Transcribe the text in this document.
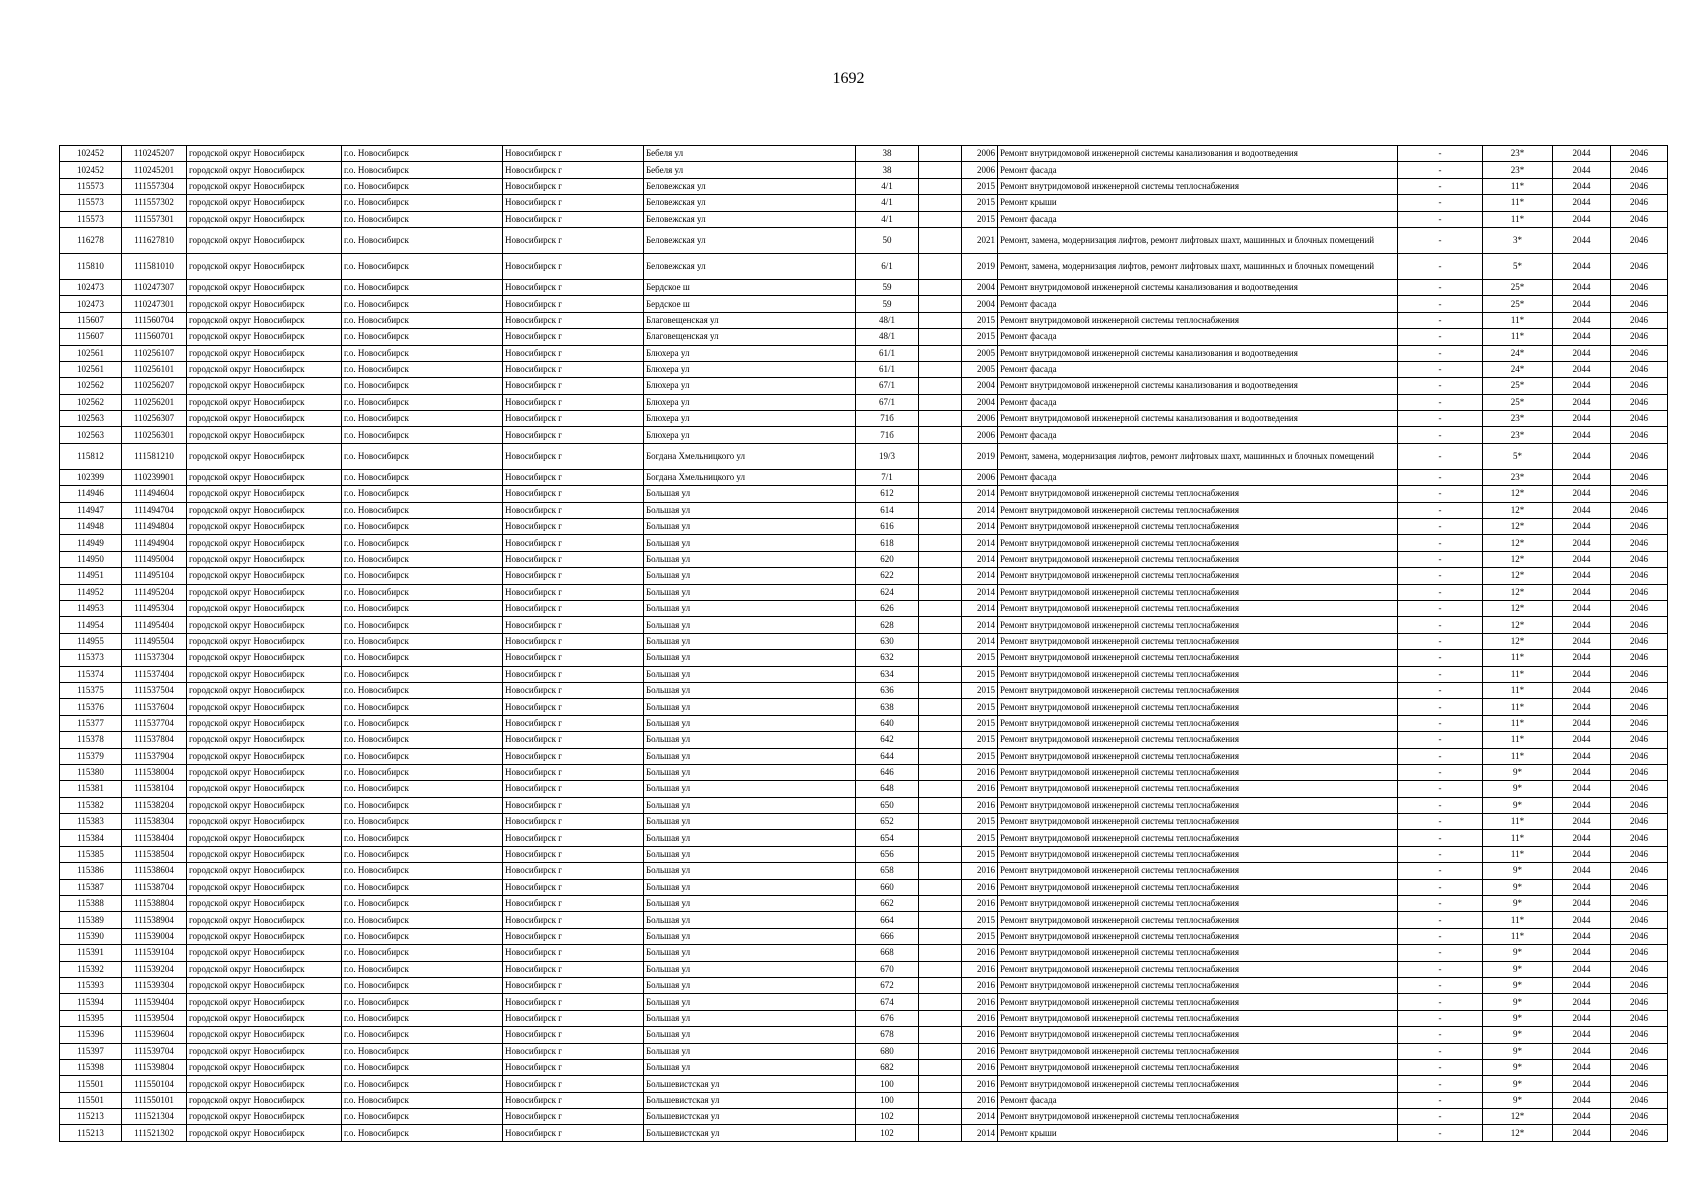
1692
102452	110245207	городской округ Новосибирск	г.о. Новосибирск	Новосибирск г	Бебеля ул	38		2006	Ремонт внутридомовой инженерной системы канализования и водоотведения	-	23*	2044	2046
102452	110245201	городской округ Новосибирск	г.о. Новосибирск	Новосибирск г	Бебеля ул	38		2006	Ремонт фасада	-	23*	2044	2046
115573	111557304	городской округ Новосибирск	г.о. Новосибирск	Новосибирск г	Беловежская ул	4/1		2015	Ремонт внутридомовой инженерной системы теплоснабжения	-	11*	2044	2046
115573	111557302	городской округ Новосибирск	г.о. Новосибирск	Новосибирск г	Беловежская ул	4/1		2015	Ремонт крыши	-	11*	2044	2046
115573	111557301	городской округ Новосибирск	г.о. Новосибирск	Новосибирск г	Беловежская ул	4/1		2015	Ремонт фасада	-	11*	2044	2046
116278	111627810	городской округ Новосибирск	г.о. Новосибирск	Новосибирск г	Беловежская ул	50		2021	Ремонт, замена, модернизация лифтов, ремонт лифтовых шахт, машинных и блочных помещений	-	3*	2044	2046
115810	111581010	городской округ Новосибирск	г.о. Новосибирск	Новосибирск г	Беловежская ул	6/1		2019	Ремонт, замена, модернизация лифтов, ремонт лифтовых шахт, машинных и блочных помещений	-	5*	2044	2046
102473	110247307	городской округ Новосибирск	г.о. Новосибирск	Новосибирск г	Бердское ш	59		2004	Ремонт внутридомовой инженерной системы канализования и водоотведения	-	25*	2044	2046
102473	110247301	городской округ Новосибирск	г.о. Новосибирск	Новосибирск г	Бердское ш	59		2004	Ремонт фасада	-	25*	2044	2046
115607	111560704	городской округ Новосибирск	г.о. Новосибирск	Новосибирск г	Благовещенская ул	48/1		2015	Ремонт внутридомовой инженерной системы теплоснабжения	-	11*	2044	2046
115607	111560701	городской округ Новосибирск	г.о. Новосибирск	Новосибирск г	Благовещенская ул	48/1		2015	Ремонт фасада	-	11*	2044	2046
102561	110256107	городской округ Новосибирск	г.о. Новосибирск	Новосибирск г	Блюхера ул	61/1		2005	Ремонт внутридомовой инженерной системы канализования и водоотведения	-	24*	2044	2046
102561	110256101	городской округ Новосибирск	г.о. Новосибирск	Новосибирск г	Блюхера ул	61/1		2005	Ремонт фасада	-	24*	2044	2046
102562	110256207	городской округ Новосибирск	г.о. Новосибирск	Новосибирск г	Блюхера ул	67/1		2004	Ремонт внутридомовой инженерной системы канализования и водоотведения	-	25*	2044	2046
102562	110256201	городской округ Новосибирск	г.о. Новосибирск	Новосибирск г	Блюхера ул	67/1		2004	Ремонт фасада	-	25*	2044	2046
102563	110256307	городской округ Новосибирск	г.о. Новосибирск	Новосибирск г	Блюхера ул	71б		2006	Ремонт внутридомовой инженерной системы канализования и водоотведения	-	23*	2044	2046
102563	110256301	городской округ Новосибирск	г.о. Новосибирск	Новосибирск г	Блюхера ул	71б		2006	Ремонт фасада	-	23*	2044	2046
115812	111581210	городской округ Новосибирск	г.о. Новосибирск	Новосибирск г	Богдана Хмельницкого ул	19/3		2019	Ремонт, замена, модернизация лифтов, ремонт лифтовых шахт, машинных и блочных помещений	-	5*	2044	2046
102399	110239901	городской округ Новосибирск	г.о. Новосибирск	Новосибирск г	Богдана Хмельницкого ул	7/1		2006	Ремонт фасада	-	23*	2044	2046
114946	111494604	городской округ Новосибирск	г.о. Новосибирск	Новосибирск г	Большая ул	612		2014	Ремонт внутридомовой инженерной системы теплоснабжения	-	12*	2044	2046
114947	111494704	городской округ Новосибирск	г.о. Новосибирск	Новосибирск г	Большая ул	614		2014	Ремонт внутридомовой инженерной системы теплоснабжения	-	12*	2044	2046
114948	111494804	городской округ Новосибирск	г.о. Новосибирск	Новосибирск г	Большая ул	616		2014	Ремонт внутридомовой инженерной системы теплоснабжения	-	12*	2044	2046
114949	111494904	городской округ Новосибирск	г.о. Новосибирск	Новосибирск г	Большая ул	618		2014	Ремонт внутридомовой инженерной системы теплоснабжения	-	12*	2044	2046
114950	111495004	городской округ Новосибирск	г.о. Новосибирск	Новосибирск г	Большая ул	620		2014	Ремонт внутридомовой инженерной системы теплоснабжения	-	12*	2044	2046
114951	111495104	городской округ Новосибирск	г.о. Новосибирск	Новосибирск г	Большая ул	622		2014	Ремонт внутридомовой инженерной системы теплоснабжения	-	12*	2044	2046
114952	111495204	городской округ Новосибирск	г.о. Новосибирск	Новосибирск г	Большая ул	624		2014	Ремонт внутридомовой инженерной системы теплоснабжения	-	12*	2044	2046
114953	111495304	городской округ Новосибирск	г.о. Новосибирск	Новосибирск г	Большая ул	626		2014	Ремонт внутридомовой инженерной системы теплоснабжения	-	12*	2044	2046
114954	111495404	городской округ Новосибирск	г.о. Новосибирск	Новосибирск г	Большая ул	628		2014	Ремонт внутридомовой инженерной системы теплоснабжения	-	12*	2044	2046
114955	111495504	городской округ Новосибирск	г.о. Новосибирск	Новосибирск г	Большая ул	630		2014	Ремонт внутридомовой инженерной системы теплоснабжения	-	12*	2044	2046
115373	111537304	городской округ Новосибирск	г.о. Новосибирск	Новосибирск г	Большая ул	632		2015	Ремонт внутридомовой инженерной системы теплоснабжения	-	11*	2044	2046
115374	111537404	городской округ Новосибирск	г.о. Новосибирск	Новосибирск г	Большая ул	634		2015	Ремонт внутридомовой инженерной системы теплоснабжения	-	11*	2044	2046
115375	111537504	городской округ Новосибирск	г.о. Новосибирск	Новосибирск г	Большая ул	636		2015	Ремонт внутридомовой инженерной системы теплоснабжения	-	11*	2044	2046
115376	111537604	городской округ Новосибирск	г.о. Новосибирск	Новосибирск г	Большая ул	638		2015	Ремонт внутридомовой инженерной системы теплоснабжения	-	11*	2044	2046
115377	111537704	городской округ Новосибирск	г.о. Новосибирск	Новосибирск г	Большая ул	640		2015	Ремонт внутридомовой инженерной системы теплоснабжения	-	11*	2044	2046
115378	111537804	городской округ Новосибирск	г.о. Новосибирск	Новосибирск г	Большая ул	642		2015	Ремонт внутридомовой инженерной системы теплоснабжения	-	11*	2044	2046
115379	111537904	городской округ Новосибирск	г.о. Новосибирск	Новосибирск г	Большая ул	644		2015	Ремонт внутридомовой инженерной системы теплоснабжения	-	11*	2044	2046
115380	111538004	городской округ Новосибирск	г.о. Новосибирск	Новосибирск г	Большая ул	646		2016	Ремонт внутридомовой инженерной системы теплоснабжения	-	9*	2044	2046
115381	111538104	городской округ Новосибирск	г.о. Новосибирск	Новосибирск г	Большая ул	648		2016	Ремонт внутридомовой инженерной системы теплоснабжения	-	9*	2044	2046
115382	111538204	городской округ Новосибирск	г.о. Новосибирск	Новосибирск г	Большая ул	650		2016	Ремонт внутридомовой инженерной системы теплоснабжения	-	9*	2044	2046
115383	111538304	городской округ Новосибирск	г.о. Новосибирск	Новосибирск г	Большая ул	652		2015	Ремонт внутридомовой инженерной системы теплоснабжения	-	11*	2044	2046
115384	111538404	городской округ Новосибирск	г.о. Новосибирск	Новосибирск г	Большая ул	654		2015	Ремонт внутридомовой инженерной системы теплоснабжения	-	11*	2044	2046
115385	111538504	городской округ Новосибирск	г.о. Новосибирск	Новосибирск г	Большая ул	656		2015	Ремонт внутридомовой инженерной системы теплоснабжения	-	11*	2044	2046
115386	111538604	городской округ Новосибирск	г.о. Новосибирск	Новосибирск г	Большая ул	658		2016	Ремонт внутридомовой инженерной системы теплоснабжения	-	9*	2044	2046
115387	111538704	городской округ Новосибирск	г.о. Новосибирск	Новосибирск г	Большая ул	660		2016	Ремонт внутридомовой инженерной системы теплоснабжения	-	9*	2044	2046
115388	111538804	городской округ Новосибирск	г.о. Новосибирск	Новосибирск г	Большая ул	662		2016	Ремонт внутридомовой инженерной системы теплоснабжения	-	9*	2044	2046
115389	111538904	городской округ Новосибирск	г.о. Новосибирск	Новосибирск г	Большая ул	664		2015	Ремонт внутридомовой инженерной системы теплоснабжения	-	11*	2044	2046
115390	111539004	городской округ Новосибирск	г.о. Новосибирск	Новосибирск г	Большая ул	666		2015	Ремонт внутридомовой инженерной системы теплоснабжения	-	11*	2044	2046
115391	111539104	городской округ Новосибирск	г.о. Новосибирск	Новосибирск г	Большая ул	668		2016	Ремонт внутридомовой инженерной системы теплоснабжения	-	9*	2044	2046
115392	111539204	городской округ Новосибирск	г.о. Новосибирск	Новосибирск г	Большая ул	670		2016	Ремонт внутридомовой инженерной системы теплоснабжения	-	9*	2044	2046
115393	111539304	городской округ Новосибирск	г.о. Новосибирск	Новосибирск г	Большая ул	672		2016	Ремонт внутридомовой инженерной системы теплоснабжения	-	9*	2044	2046
115394	111539404	городской округ Новосибирск	г.о. Новосибирск	Новосибирск г	Большая ул	674		2016	Ремонт внутридомовой инженерной системы теплоснабжения	-	9*	2044	2046
115395	111539504	городской округ Новосибирск	г.о. Новосибирск	Новосибирск г	Большая ул	676		2016	Ремонт внутридомовой инженерной системы теплоснабжения	-	9*	2044	2046
115396	111539604	городской округ Новосибирск	г.о. Новосибирск	Новосибирск г	Большая ул	678		2016	Ремонт внутридомовой инженерной системы теплоснабжения	-	9*	2044	2046
115397	111539704	городской округ Новосибирск	г.о. Новосибирск	Новосибирск г	Большая ул	680		2016	Ремонт внутридомовой инженерной системы теплоснабжения	-	9*	2044	2046
115398	111539804	городской округ Новосибирск	г.о. Новосибирск	Новосибирск г	Большая ул	682		2016	Ремонт внутридомовой инженерной системы теплоснабжения	-	9*	2044	2046
115501	111550104	городской округ Новосибирск	г.о. Новосибирск	Новосибирск г	Большевистская ул	100		2016	Ремонт внутридомовой инженерной системы теплоснабжения	-	9*	2044	2046
115501	111550101	городской округ Новосибирск	г.о. Новосибирск	Новосибирск г	Большевистская ул	100		2016	Ремонт фасада	-	9*	2044	2046
115213	111521304	городской округ Новосибирск	г.о. Новосибирск	Новосибирск г	Большевистская ул	102		2014	Ремонт внутридомовой инженерной системы теплоснабжения	-	12*	2044	2046
115213	111521302	городской округ Новосибирск	г.о. Новосибирск	Новосибирск г	Большевистская ул	102		2014	Ремонт крыши	-	12*	2044	2046
